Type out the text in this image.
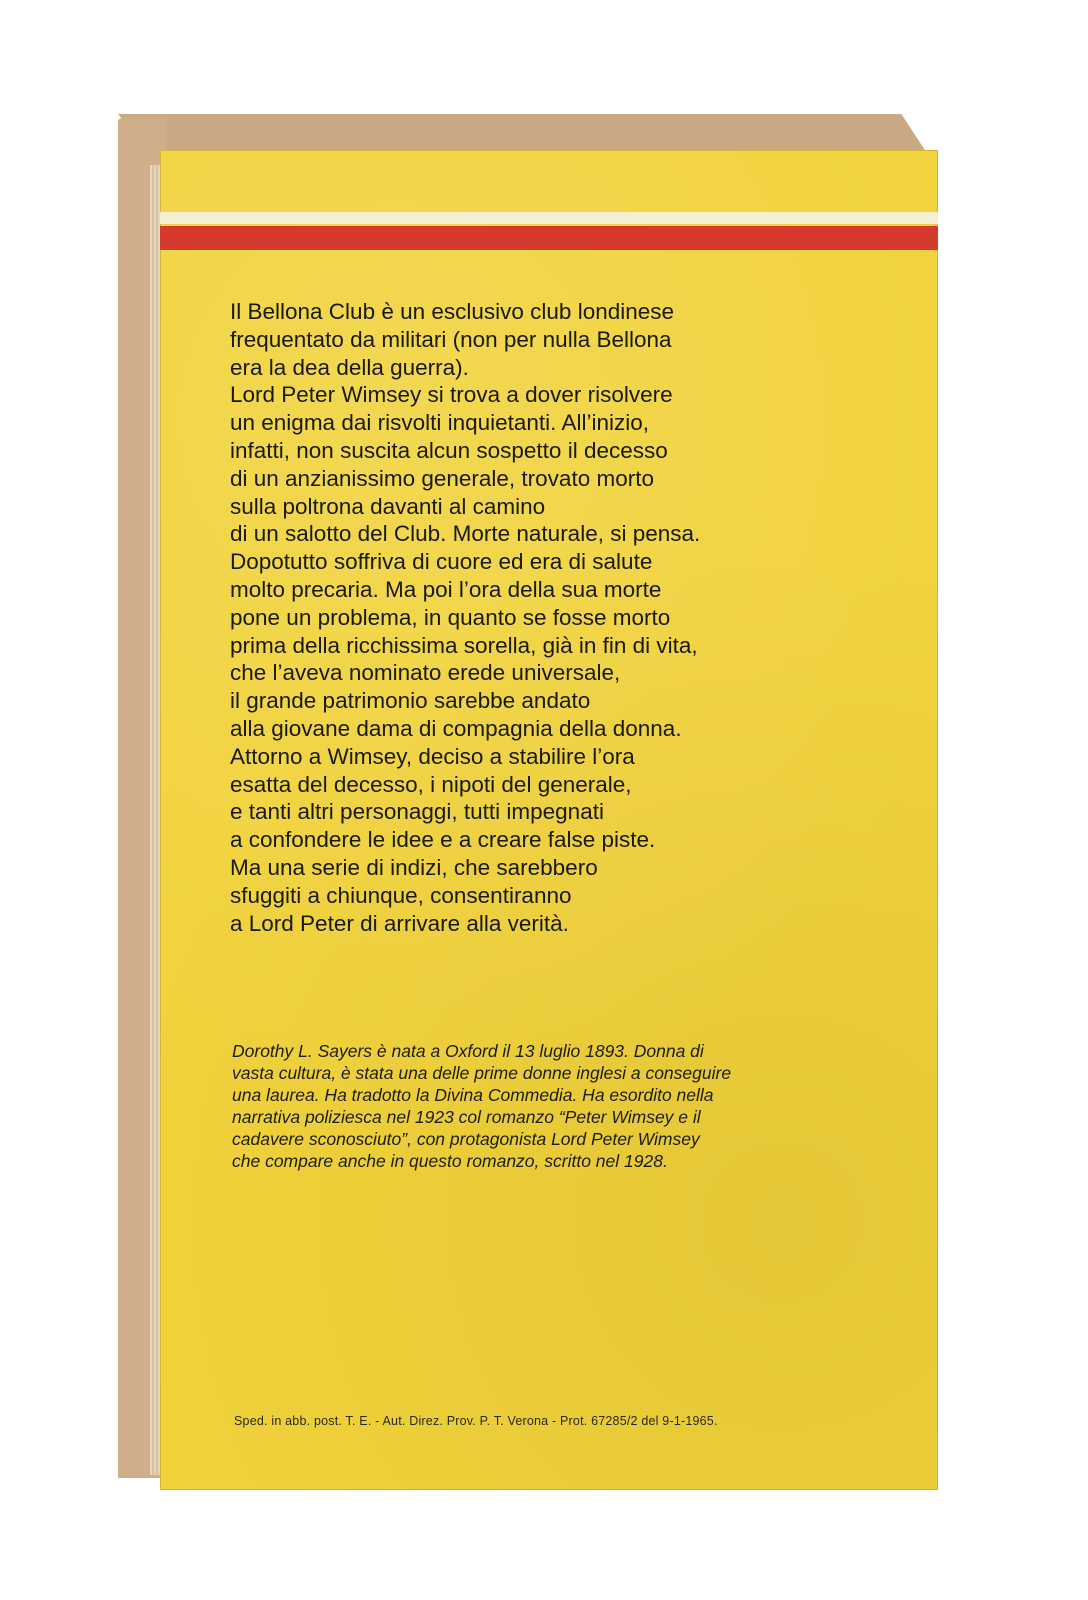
Il Bellona Club è un esclusivo club londinese
frequentato da militari (non per nulla Bellona
era la dea della guerra).
Lord Peter Wimsey si trova a dover risolvere
un enigma dai risvolti inquietanti. All’inizio,
infatti, non suscita alcun sospetto il decesso
di un anzianissimo generale, trovato morto
sulla poltrona davanti al camino
di un salotto del Club. Morte naturale, si pensa.
Dopotutto soffriva di cuore ed era di salute
molto precaria. Ma poi l’ora della sua morte
pone un problema, in quanto se fosse morto
prima della ricchissima sorella, già in fin di vita,
che l’aveva nominato erede universale,
il grande patrimonio sarebbe andato
alla giovane dama di compagnia della donna.
Attorno a Wimsey, deciso a stabilire l’ora
esatta del decesso, i nipoti del generale,
e tanti altri personaggi, tutti impegnati
a confondere le idee e a creare false piste.
Ma una serie di indizi, che sarebbero
sfuggiti a chiunque, consentiranno
a Lord Peter di arrivare alla verità.
Dorothy L. Sayers è nata a Oxford il 13 luglio 1893. Donna di
vasta cultura, è stata una delle prime donne inglesi a conseguire
una laurea. Ha tradotto la Divina Commedia. Ha esordito nella
narrativa poliziesca nel 1923 col romanzo “Peter Wimsey e il
cadavere sconosciuto”, con protagonista Lord Peter Wimsey
che compare anche in questo romanzo, scritto nel 1928.
Sped. in abb. post. T. E. - Aut. Direz. Prov. P. T. Verona - Prot. 67285/2 del 9-1-1965.
